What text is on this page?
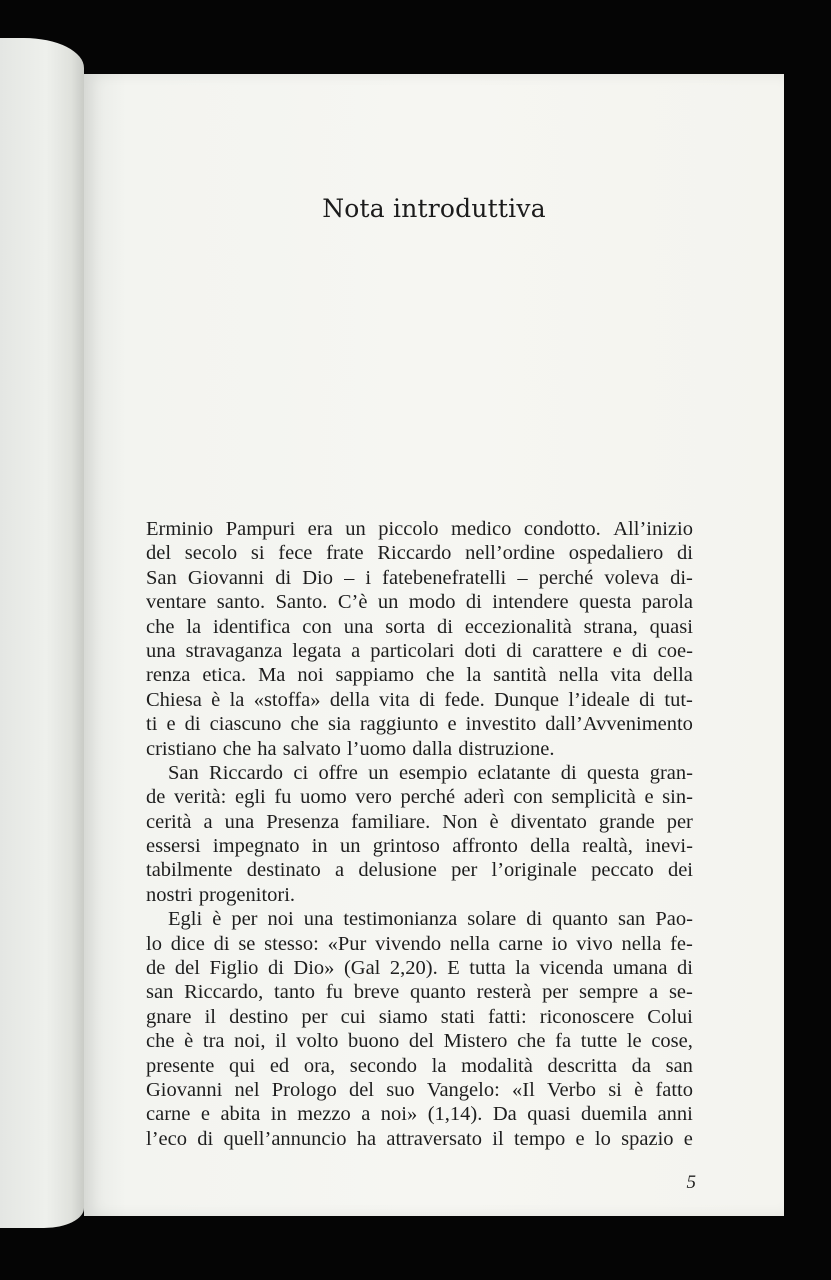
Nota introduttiva
Erminio Pampuri era un piccolo medico condotto. All’inizio
del secolo si fece frate Riccardo nell’ordine ospedaliero di
San Giovanni di Dio – i fatebenefratelli – perché voleva di-
ventare santo. Santo. C’è un modo di intendere questa parola
che la identifica con una sorta di eccezionalità strana, quasi
una stravaganza legata a particolari doti di carattere e di coe-
renza etica. Ma noi sappiamo che la santità nella vita della
Chiesa è la «stoffa» della vita di fede. Dunque l’ideale di tut-
ti e di ciascuno che sia raggiunto e investito dall’Avvenimento
cristiano che ha salvato l’uomo dalla distruzione.
San Riccardo ci offre un esempio eclatante di questa gran-
de verità: egli fu uomo vero perché aderì con semplicità e sin-
cerità a una Presenza familiare. Non è diventato grande per
essersi impegnato in un grintoso affronto della realtà, inevi-
tabilmente destinato a delusione per l’originale peccato dei
nostri progenitori.
Egli è per noi una testimonianza solare di quanto san Pao-
lo dice di se stesso: «Pur vivendo nella carne io vivo nella fe-
de del Figlio di Dio» (Gal 2,20). E tutta la vicenda umana di
san Riccardo, tanto fu breve quanto resterà per sempre a se-
gnare il destino per cui siamo stati fatti: riconoscere Colui
che è tra noi, il volto buono del Mistero che fa tutte le cose,
presente qui ed ora, secondo la modalità descritta da san
Giovanni nel Prologo del suo Vangelo: «Il Verbo si è fatto
carne e abita in mezzo a noi» (1,14). Da quasi duemila anni
l’eco di quell’annuncio ha attraversato il tempo e lo spazio e
5
